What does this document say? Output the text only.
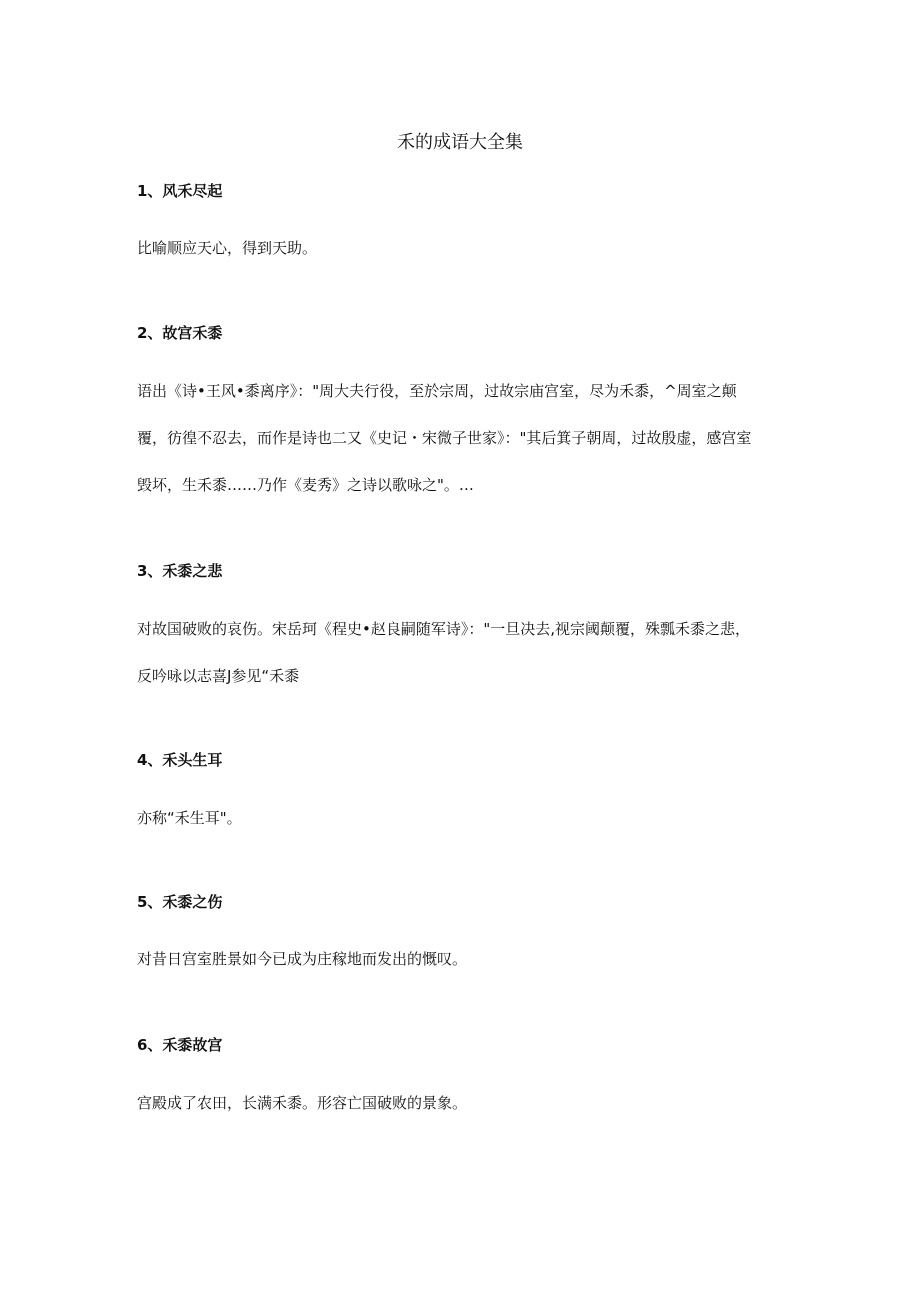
禾的成语大全集

1、风禾尽起

比喻顺应天心，得到天助。

2、故宫禾黍

语出《诗•王风•黍离序》："周大夫行役，至於宗周，过故宗庙宫室，尽为禾黍，^周室之颠
覆，彷徨不忍去，而作是诗也二又《史记・宋微子世家》："其后箕子朝周，过故殷虚，感宫室
毁坏，生禾黍……乃作《麦秀》之诗以歌咏之"。…

3、禾黍之悲

对故国破败的哀伤。宋岳珂《程史•赵良嗣随军诗》："一旦决去,视宗阈颠覆，殊瓢禾黍之悲，
反吟咏以志喜J参见“禾黍

4、禾头生耳

亦称“禾生耳"。

5、禾黍之伤

对昔日宫室胜景如今已成为庄稼地而发出的慨叹。

6、禾黍故宫

宫殿成了农田，长满禾黍。形容亡国破败的景象。
